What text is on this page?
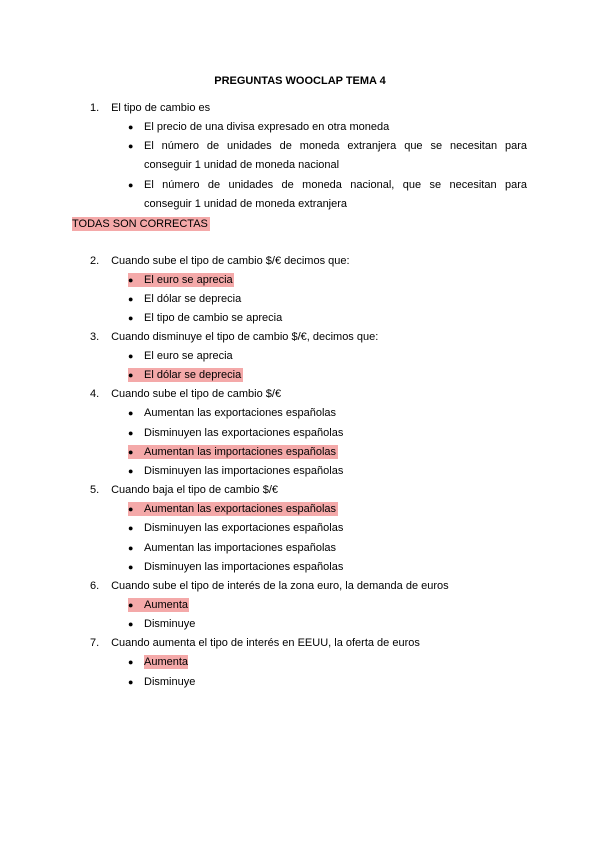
PREGUNTAS WOOCLAP TEMA 4
1. El tipo de cambio es
● El precio de una divisa expresado en otra moneda
● El número de unidades de moneda extranjera que se necesitan para
conseguir 1 unidad de moneda nacional
● El número de unidades de moneda nacional, que se necesitan para
conseguir 1 unidad de moneda extranjera
TODAS SON CORRECTAS
2. Cuando sube el tipo de cambio $/€ decimos que:
● El euro se aprecia
● El dólar se deprecia
● El tipo de cambio se aprecia
3. Cuando disminuye el tipo de cambio $/€, decimos que:
● El euro se aprecia
● El dólar se deprecia
4. Cuando sube el tipo de cambio $/€
● Aumentan las exportaciones españolas
● Disminuyen las exportaciones españolas
● Aumentan las importaciones españolas
● Disminuyen las importaciones españolas
5. Cuando baja el tipo de cambio $/€
● Aumentan las exportaciones españolas
● Disminuyen las exportaciones españolas
● Aumentan las importaciones españolas
● Disminuyen las importaciones españolas
6. Cuando sube el tipo de interés de la zona euro, la demanda de euros
● Aumenta
● Disminuye
7. Cuando aumenta el tipo de interés en EEUU, la oferta de euros
● Aumenta
● Disminuye
